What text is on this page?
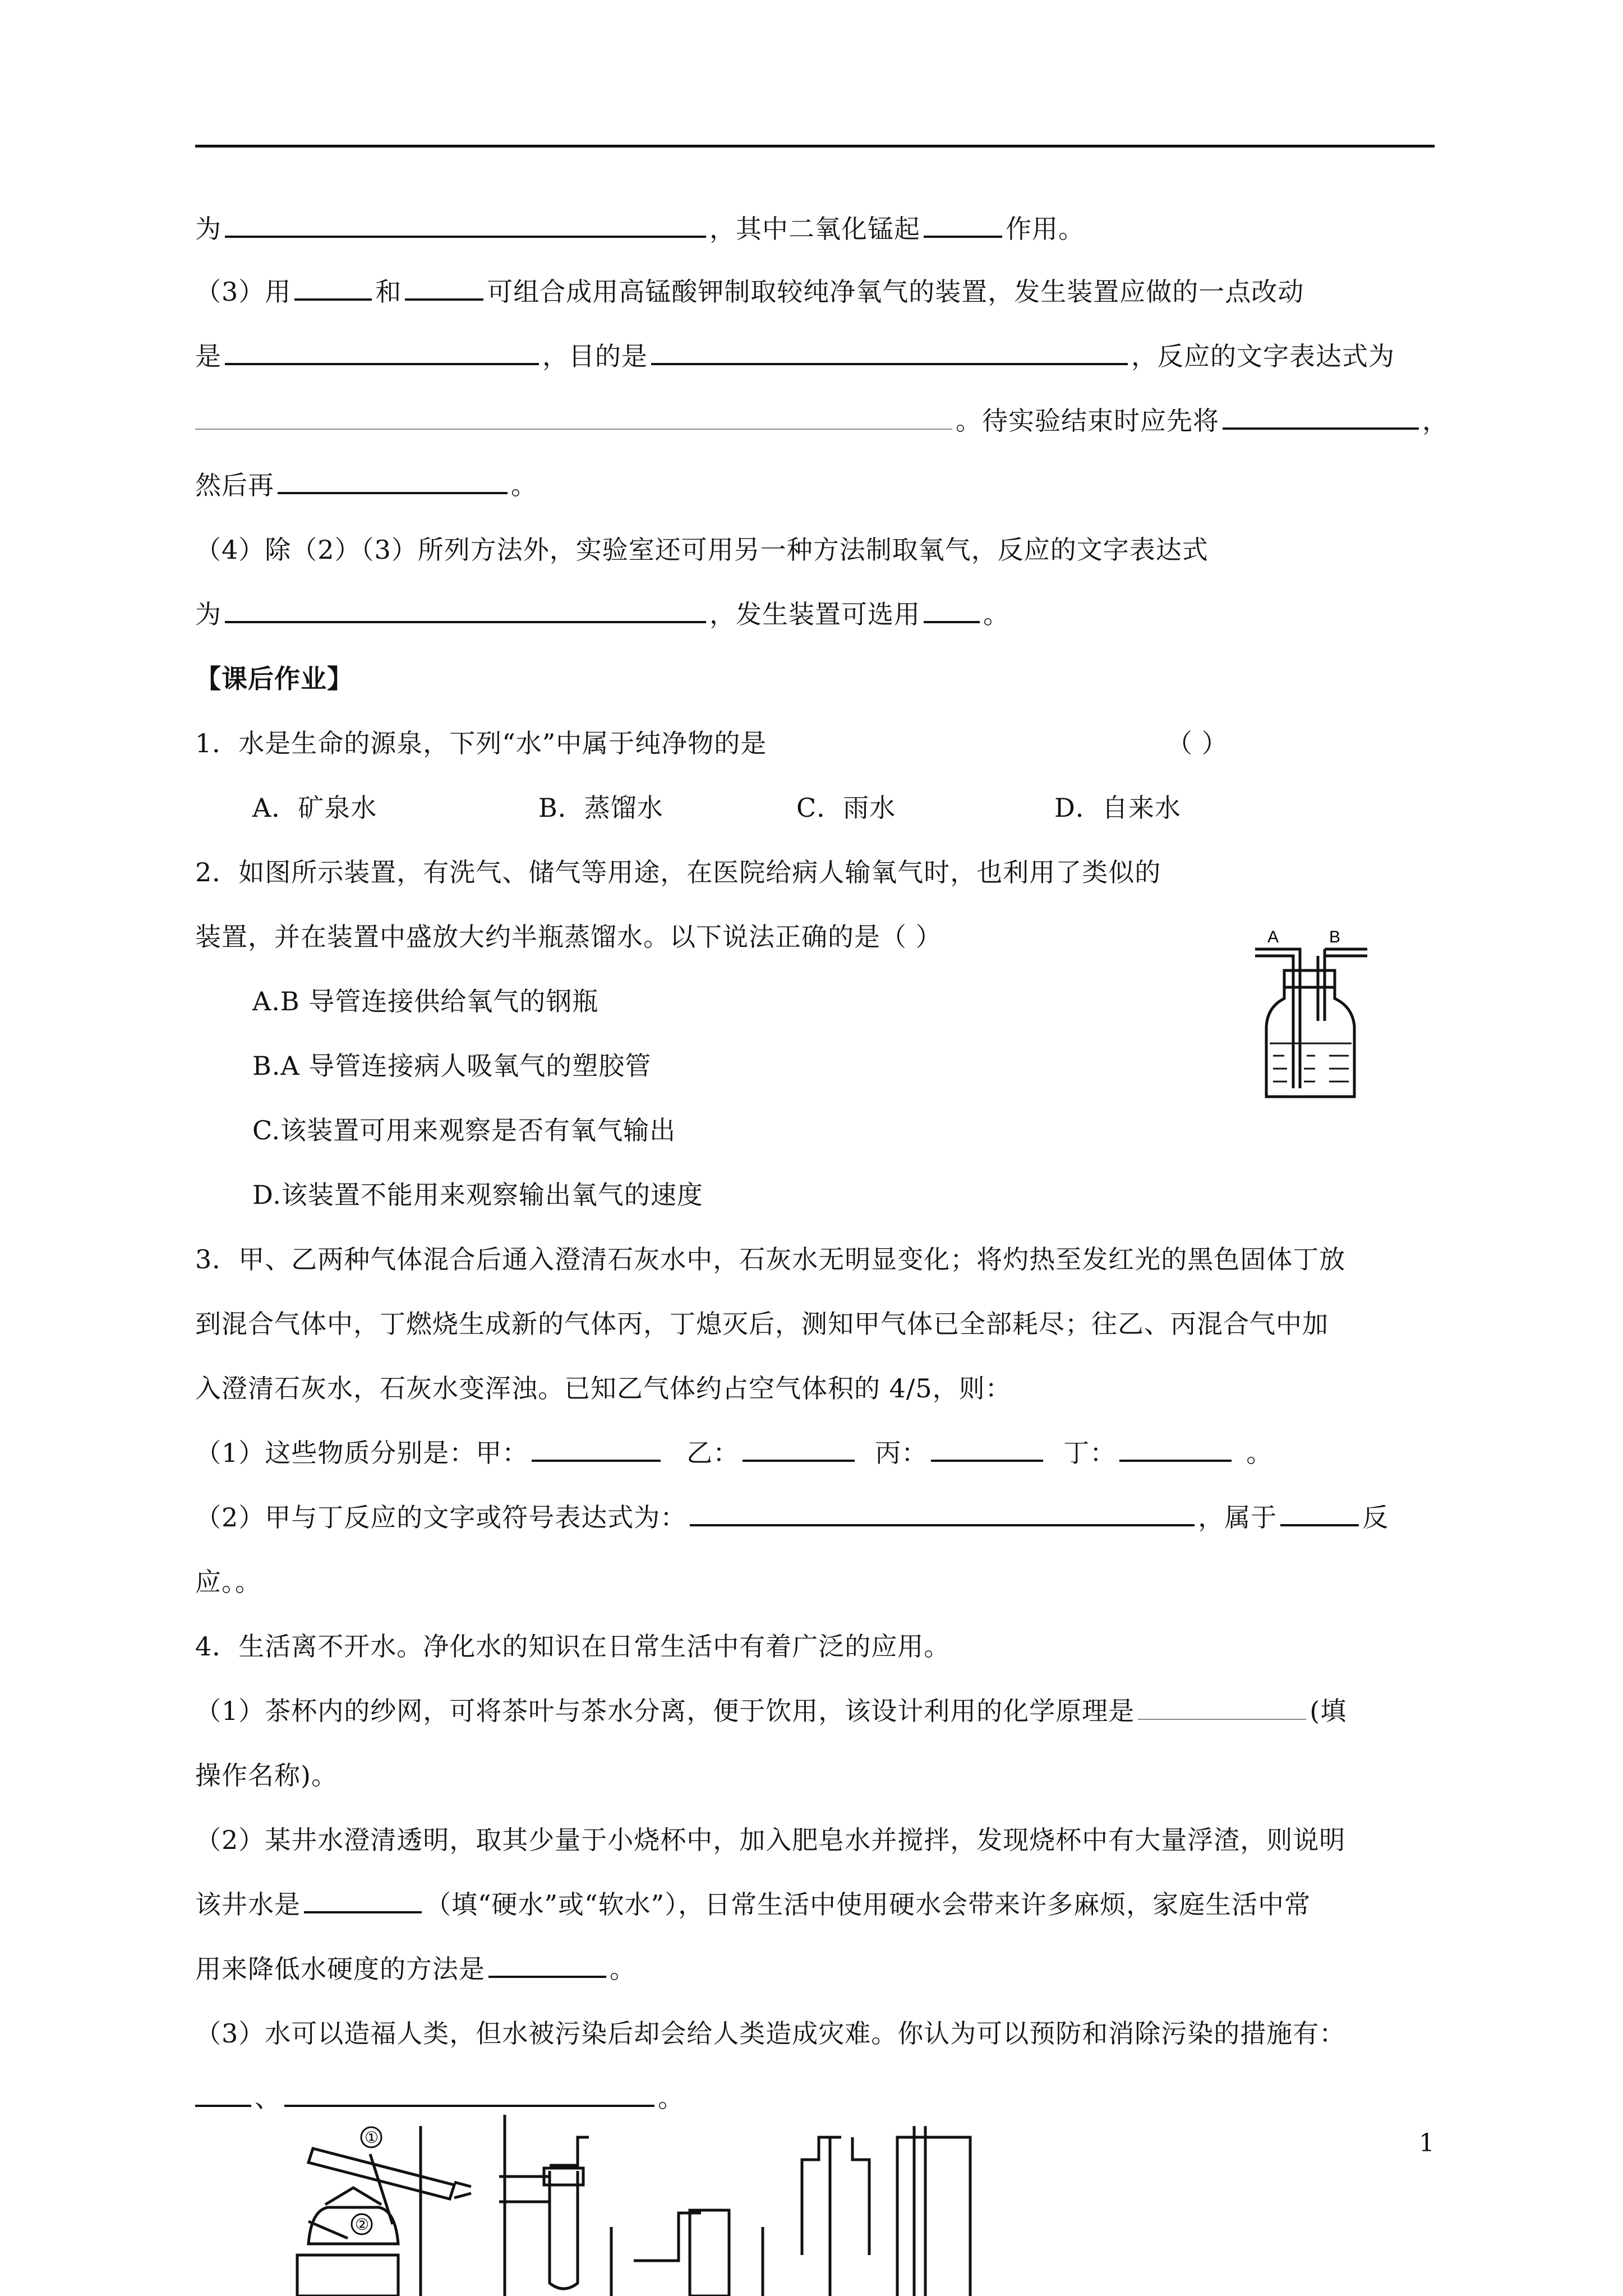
为	，其中二氧化锰起	作用。
（3）用	和	可组合成用高锰酸钾制取较纯净氧气的装置，发生装置应做的一点改动
是	，目的是	，反应的文字表达式为
。待实验结束时应先将	，
然后再	。
（4）除（2）（3）所列方法外，实验室还可用另一种方法制取氧气，反应的文字表达式
为	，发生装置可选用 。
【课后作业】
1．水是生命的源泉，下列“水”中属于纯净物的是	（ ）
A．矿泉水	B．蒸馏水	C．雨水	D．自来水
2．如图所示装置，有洗气、储气等用途，在医院给病人输氧气时，也利用了类似的
装置，并在装置中盛放大约半瓶蒸馏水。以下说法正确的是（ ）
A.B 导管连接供给氧气的钢瓶
B.A 导管连接病人吸氧气的塑胶管
C.该装置可用来观察是否有氧气输出
D.该装置不能用来观察输出氧气的速度
A	B
3．甲、乙两种气体混合后通入澄清石灰水中，石灰水无明显变化；将灼热至发红光的黑色固体丁放
到混合气体中，丁燃烧生成新的气体丙，丁熄灭后，测知甲气体已全部耗尽；往乙、丙混合气中加
入澄清石灰水，石灰水变浑浊。已知乙气体约占空气体积的 4/5，则：
（1）这些物质分别是：甲：	乙：	丙：	丁：	。
（2）甲与丁反应的文字或符号表达式为：	，属于	反
应。。
4．生活离不开水。净化水的知识在日常生活中有着广泛的应用。
（1）茶杯内的纱网，可将茶叶与茶水分离，便于饮用，该设计利用的化学原理是	(填
操作名称)。
（2）某井水澄清透明，取其少量于小烧杯中，加入肥皂水并搅拌，发现烧杯中有大量浮渣，则说明
该井水是	（填“硬水”或“软水”），日常生活中使用硬水会带来许多麻烦，家庭生活中常
用来降低水硬度的方法是	。
（3）水可以造福人类，但水被污染后却会给人类造成灾难。你认为可以预防和消除污染的措施有：
、	。
1
①
②
